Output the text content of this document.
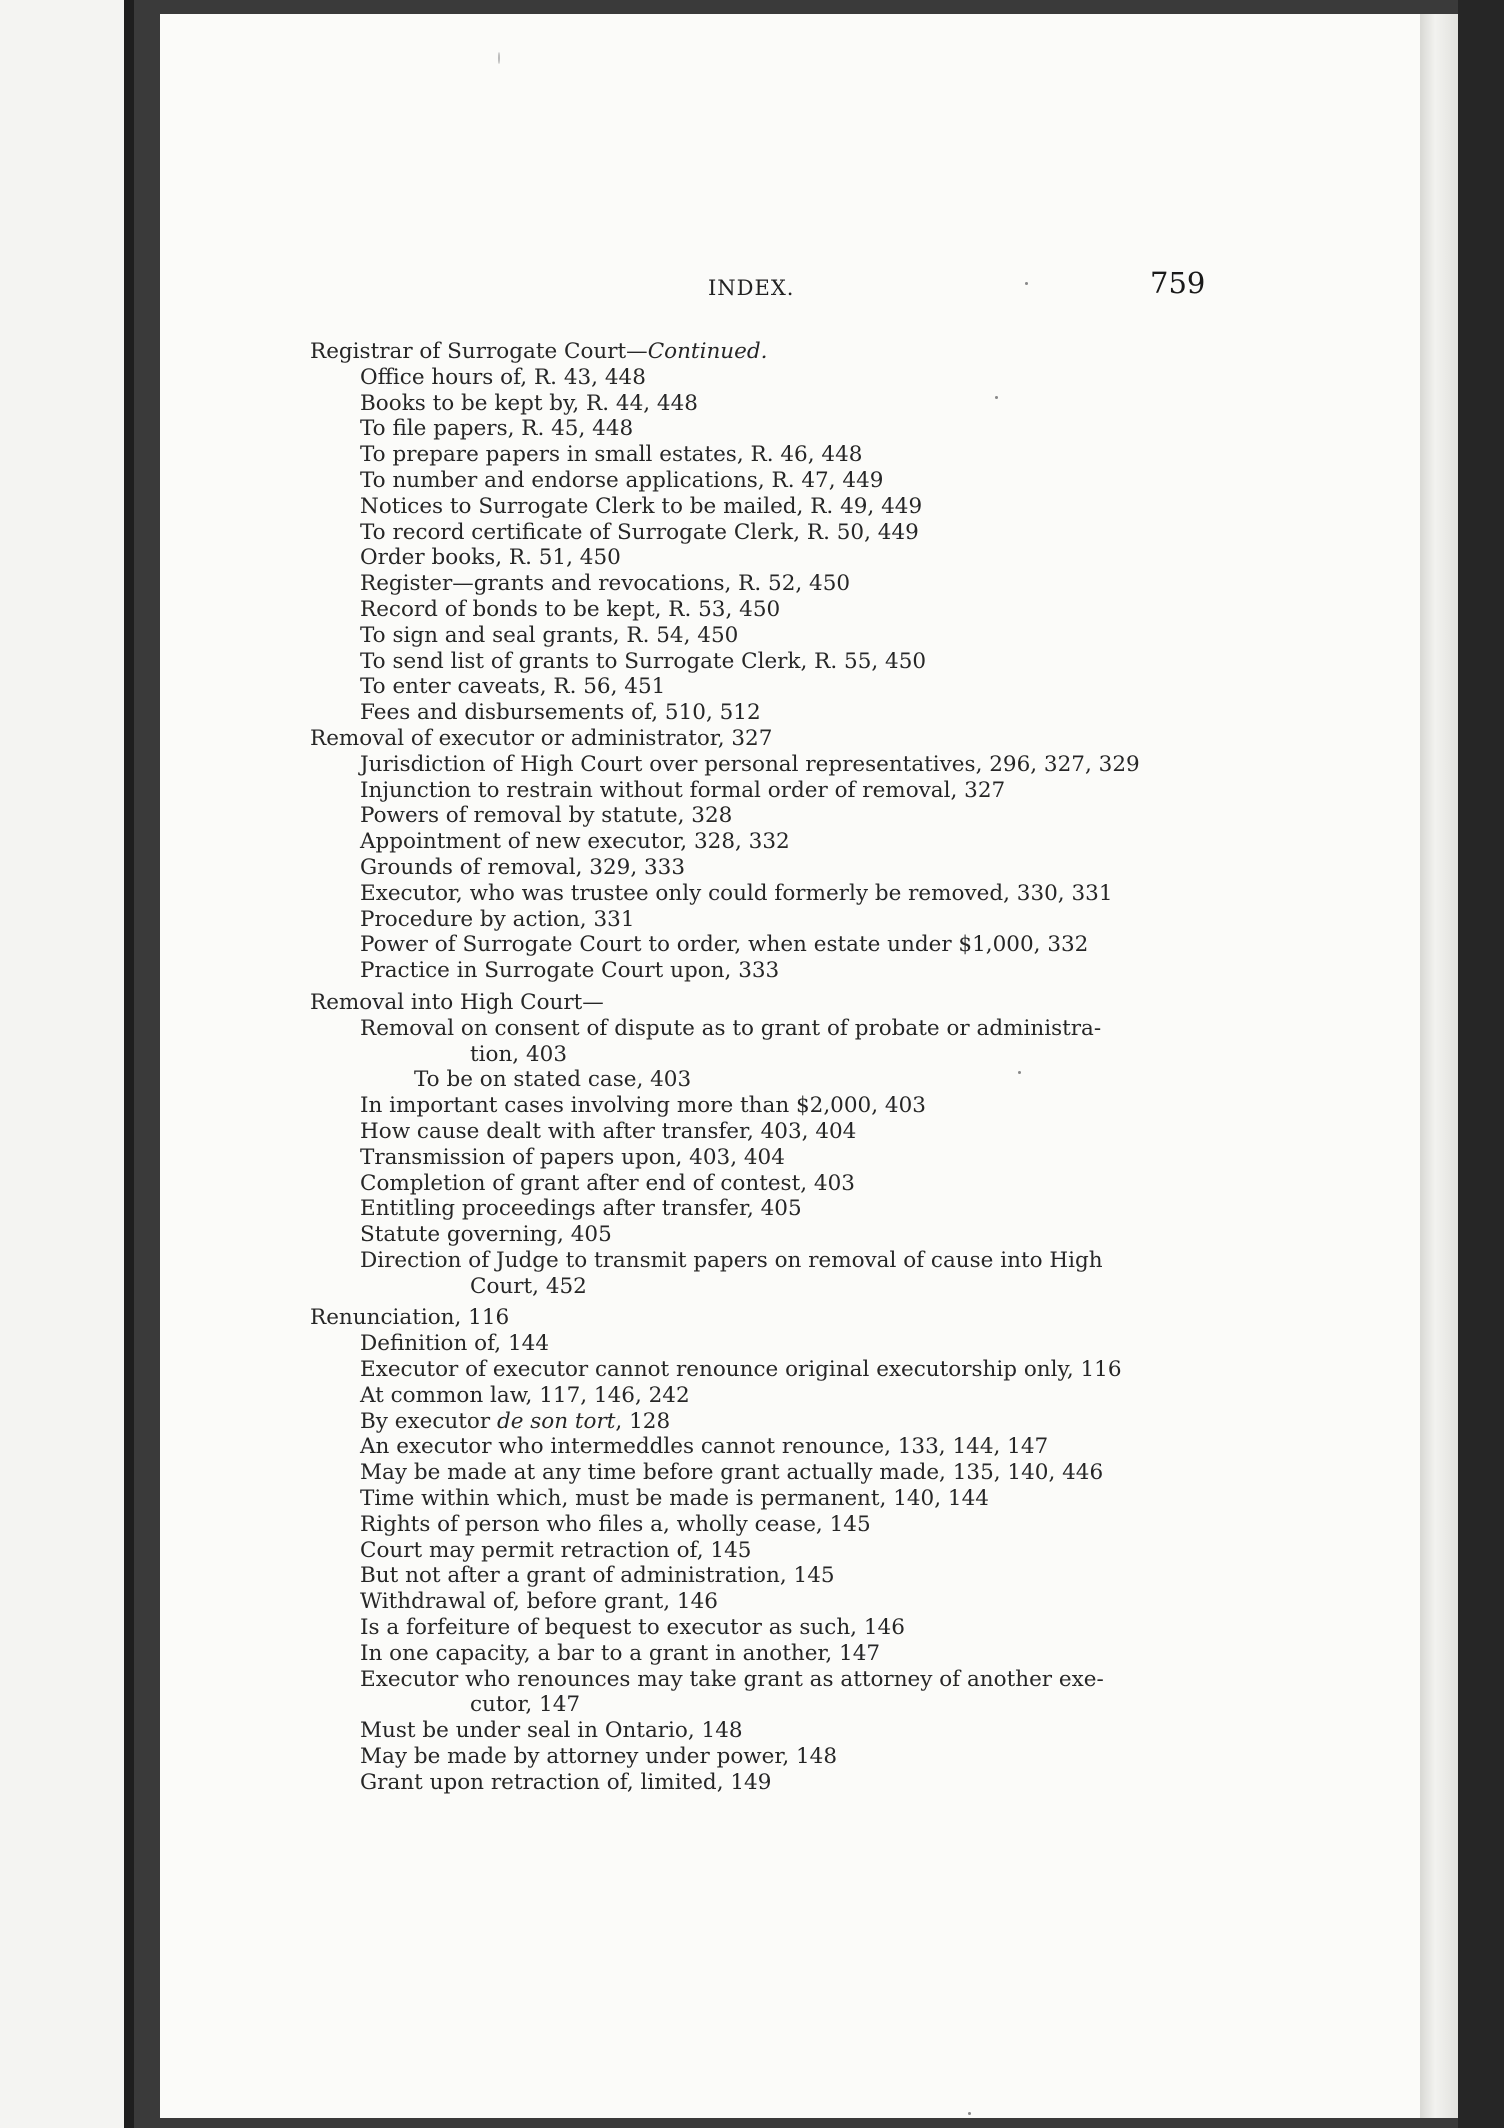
INDEX.	759
Registrar of Surrogate Court—Continued.
Office hours of, R. 43, 448
Books to be kept by, R. 44, 448
To file papers, R. 45, 448
To prepare papers in small estates, R. 46, 448
To number and endorse applications, R. 47, 449
Notices to Surrogate Clerk to be mailed, R. 49, 449
To record certificate of Surrogate Clerk, R. 50, 449
Order books, R. 51, 450
Register—grants and revocations, R. 52, 450
Record of bonds to be kept, R. 53, 450
To sign and seal grants, R. 54, 450
To send list of grants to Surrogate Clerk, R. 55, 450
To enter caveats, R. 56, 451
Fees and disbursements of, 510, 512
Removal of executor or administrator, 327
Jurisdiction of High Court over personal representatives, 296, 327, 329
Injunction to restrain without formal order of removal, 327
Powers of removal by statute, 328
Appointment of new executor, 328, 332
Grounds of removal, 329, 333
Executor, who was trustee only could formerly be removed, 330, 331
Procedure by action, 331
Power of Surrogate Court to order, when estate under $1,000, 332
Practice in Surrogate Court upon, 333
Removal into High Court—
Removal on consent of dispute as to grant of probate or administra-
tion, 403
To be on stated case, 403
In important cases involving more than $2,000, 403
How cause dealt with after transfer, 403, 404
Transmission of papers upon, 403, 404
Completion of grant after end of contest, 403
Entitling proceedings after transfer, 405
Statute governing, 405
Direction of Judge to transmit papers on removal of cause into High
Court, 452
Renunciation, 116
Definition of, 144
Executor of executor cannot renounce original executorship only, 116
At common law, 117, 146, 242
By executor de son tort, 128
An executor who intermeddles cannot renounce, 133, 144, 147
May be made at any time before grant actually made, 135, 140, 446
Time within which, must be made is permanent, 140, 144
Rights of person who files a, wholly cease, 145
Court may permit retraction of, 145
But not after a grant of administration, 145
Withdrawal of, before grant, 146
Is a forfeiture of bequest to executor as such, 146
In one capacity, a bar to a grant in another, 147
Executor who renounces may take grant as attorney of another exe-
cutor, 147
Must be under seal in Ontario, 148
May be made by attorney under power, 148
Grant upon retraction of, limited, 149
